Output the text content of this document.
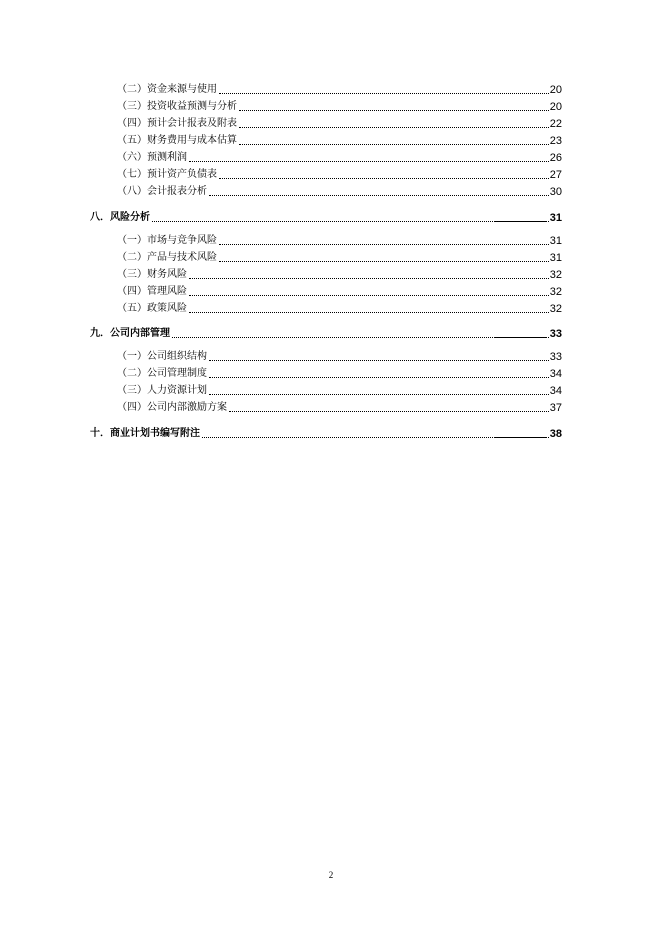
（二）资金来源与使用	20
（三）投资收益预测与分析	20
（四）预计会计报表及附表	22
（五）财务费用与成本估算	23
（六）预测利润	26
（七）预计资产负债表	27
（八）会计报表分析	30
八．风险分析	31
（一）市场与竞争风险	31
（二）产品与技术风险	31
（三）财务风险	32
（四）管理风险	32
（五）政策风险	32
九．公司内部管理	33
（一）公司组织结构	33
（二）公司管理制度	34
（三）人力资源计划	34
（四）公司内部激励方案	37
十．商业计划书编写附注	38
2
